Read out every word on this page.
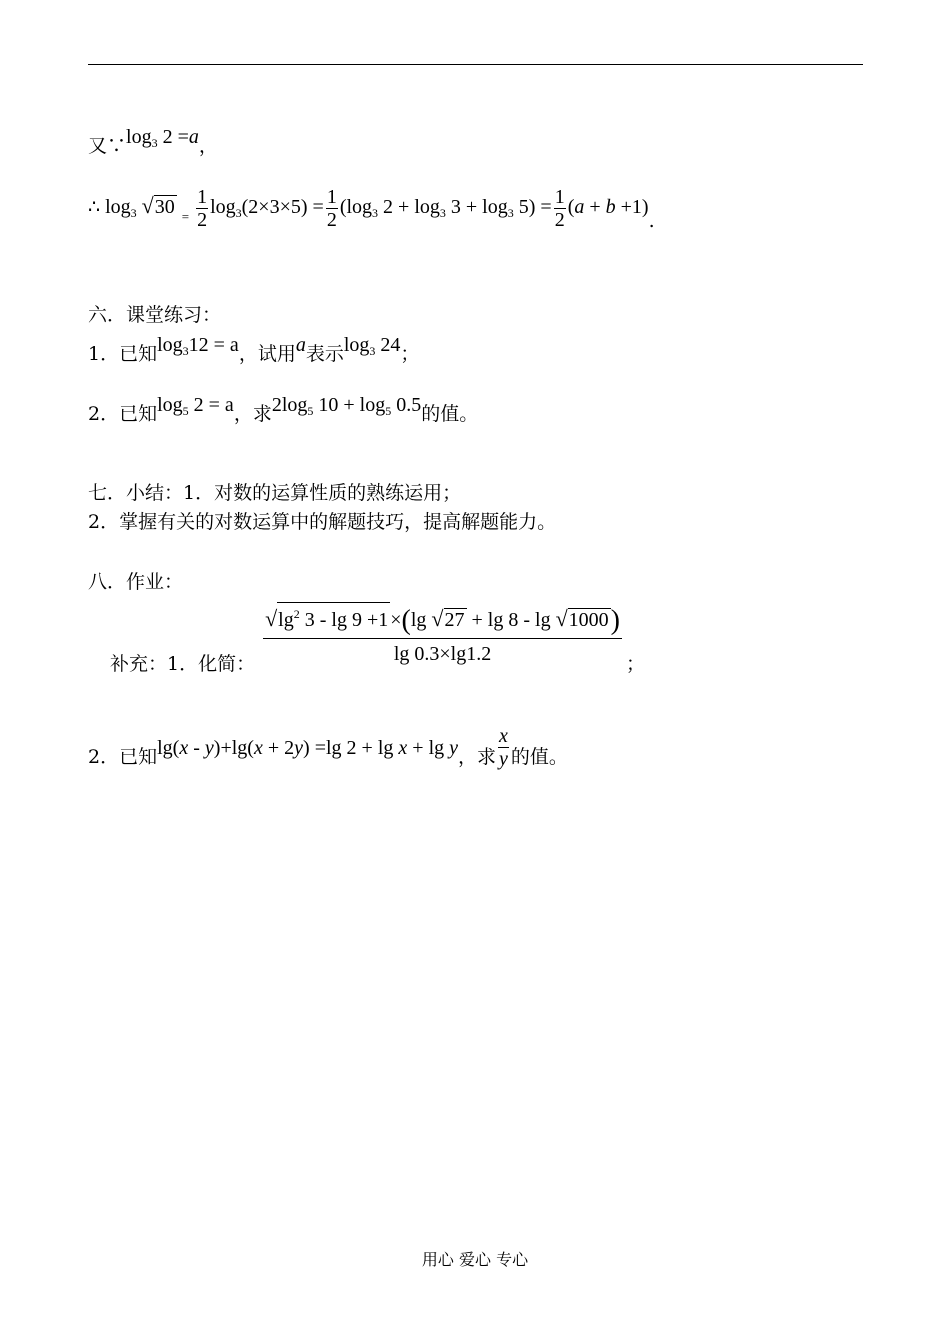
又$\because\log_3$ 2 =a，
∴ $\log_3 √30$ $_= \frac{1}{2} \log_3(2\times 3\times 5) = \frac{1}{2} (\log_3$ $2 + \log_3 3 + \log_3 5) = \frac{1}{2} (a + b +1)$.
六．课堂练习：
1．已知$\log_312 = a$，试用a表示$\log_3 24$；
2．已知$\log_5 2 = a$，求$2\log_5$ $10 + \log_5 0.5$的值。
七．小结：1．对数的运算性质的熟练运用；
2．掌握有关的对数运算中的解题技巧，提高解题能力。
八．作业：
补充：1．化简： $\frac{√\lg^2 3 - \lg 9 +1 \times(\lg √27 + \lg 8 - \lg √1000)}{\lg 0.3\times\lg 1.2}$ ；
2．已知lg(x - y)+lg(x + 2y) =lg 2 + lg x + lg y，求 $\frac{x}{y}$ 的值。
用心 爱心 专心
